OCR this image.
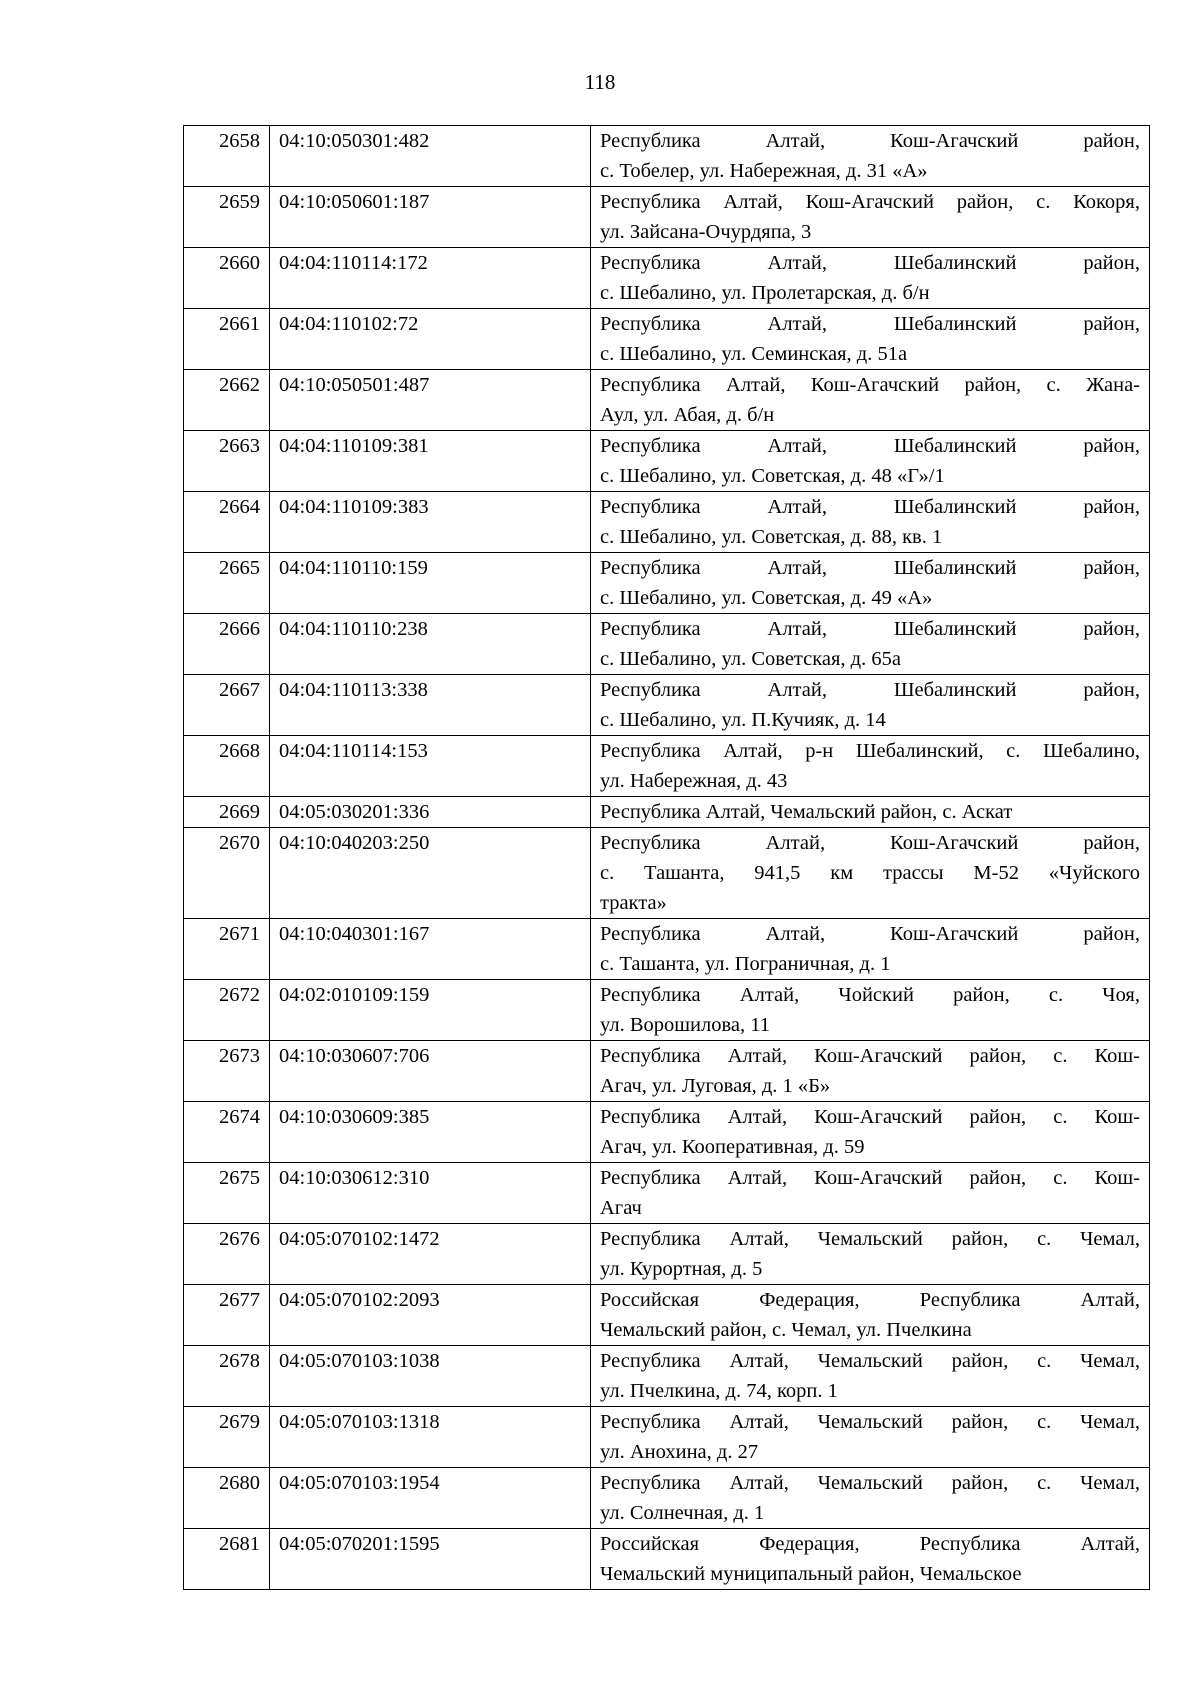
118
2658	04:10:050301:482	Республика Алтай, Кош-Агачский район,
с. Тобелер, ул. Набережная, д. 31 «А»

2659	04:10:050601:187	Республика Алтай, Кош-Агачский район, с. Кокоря,
ул. Зайсана-Очурдяпа, 3

2660	04:04:110114:172	Республика Алтай, Шебалинский район,
с. Шебалино, ул. Пролетарская, д. б/н

2661	04:04:110102:72	Республика Алтай, Шебалинский район,
с. Шебалино, ул. Семинская, д. 51а

2662	04:10:050501:487	Республика Алтай, Кош-Агачский район, с. Жана-
Аул, ул. Абая, д. б/н

2663	04:04:110109:381	Республика Алтай, Шебалинский район,
с. Шебалино, ул. Советская, д. 48 «Г»/1

2664	04:04:110109:383	Республика Алтай, Шебалинский район,
с. Шебалино, ул. Советская, д. 88, кв. 1

2665	04:04:110110:159	Республика Алтай, Шебалинский район,
с. Шебалино, ул. Советская, д. 49 «А»

2666	04:04:110110:238	Республика Алтай, Шебалинский район,
с. Шебалино, ул. Советская, д. 65а

2667	04:04:110113:338	Республика Алтай, Шебалинский район,
с. Шебалино, ул. П.Кучияк, д. 14

2668	04:04:110114:153	Республика Алтай, р-н Шебалинский, с. Шебалино,
ул. Набережная, д. 43

2669	04:05:030201:336	Республика Алтай, Чемальский район, с. Аскат

2670	04:10:040203:250	Республика Алтай, Кош-Агачский район,
с. Ташанта, 941,5 км трассы М-52 «Чуйского
тракта»

2671	04:10:040301:167	Республика Алтай, Кош-Агачский район,
с. Ташанта, ул. Пограничная, д. 1

2672	04:02:010109:159	Республика Алтай, Чойский район, с. Чоя,
ул. Ворошилова, 11

2673	04:10:030607:706	Республика Алтай, Кош-Агачский район, с. Кош-
Агач, ул. Луговая, д. 1 «Б»

2674	04:10:030609:385	Республика Алтай, Кош-Агачский район, с. Кош-
Агач, ул. Кооперативная, д. 59

2675	04:10:030612:310	Республика Алтай, Кош-Агачский район, с. Кош-
Агач

2676	04:05:070102:1472	Республика Алтай, Чемальский район, с. Чемал,
ул. Курортная, д. 5

2677	04:05:070102:2093	Российская Федерация, Республика Алтай,
Чемальский район, с. Чемал, ул. Пчелкина

2678	04:05:070103:1038	Республика Алтай, Чемальский район, с. Чемал,
ул. Пчелкина, д. 74, корп. 1

2679	04:05:070103:1318	Республика Алтай, Чемальский район, с. Чемал,
ул. Анохина, д. 27

2680	04:05:070103:1954	Республика Алтай, Чемальский район, с. Чемал,
ул. Солнечная, д. 1

2681	04:05:070201:1595	Российская Федерация, Республика Алтай,
Чемальский муниципальный район, Чемальское
